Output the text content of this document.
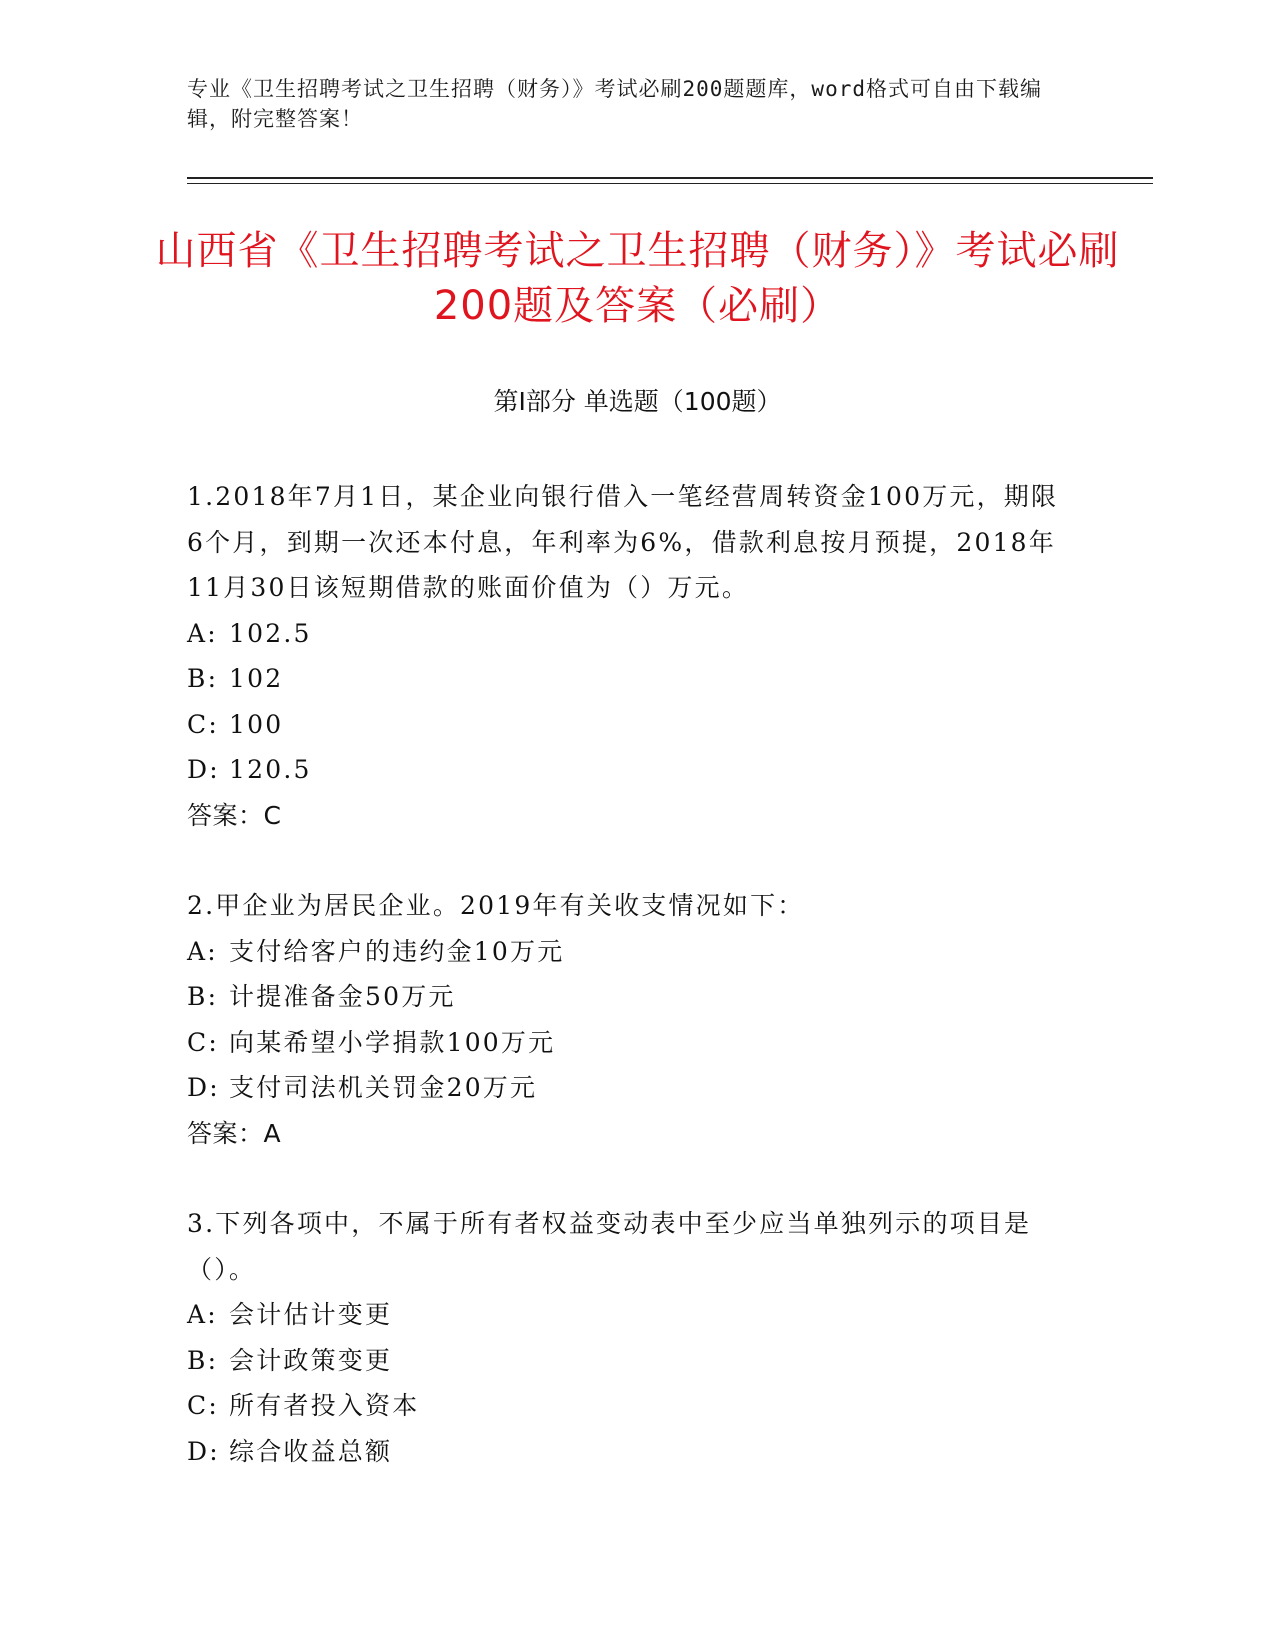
专业《卫生招聘考试之卫生招聘（财务）》考试必刷200题题库，word格式可自由下载编辑，附完整答案！
山西省《卫生招聘考试之卫生招聘（财务）》考试必刷200题及答案（必刷）
第I部分 单选题（100题）
1.2018年7月1日，某企业向银行借入一笔经营周转资金100万元，期限6个月，到期一次还本付息，年利率为6%，借款利息按月预提，2018年11月30日该短期借款的账面价值为（）万元。
A: 102.5
B: 102
C: 100
D: 120.5
答案：C
2.甲企业为居民企业。2019年有关收支情况如下：
A: 支付给客户的违约金10万元
B: 计提准备金50万元
C: 向某希望小学捐款100万元
D: 支付司法机关罚金20万元
答案：A
3.下列各项中，不属于所有者权益变动表中至少应当单独列示的项目是（）。
A: 会计估计变更
B: 会计政策变更
C: 所有者投入资本
D: 综合收益总额
